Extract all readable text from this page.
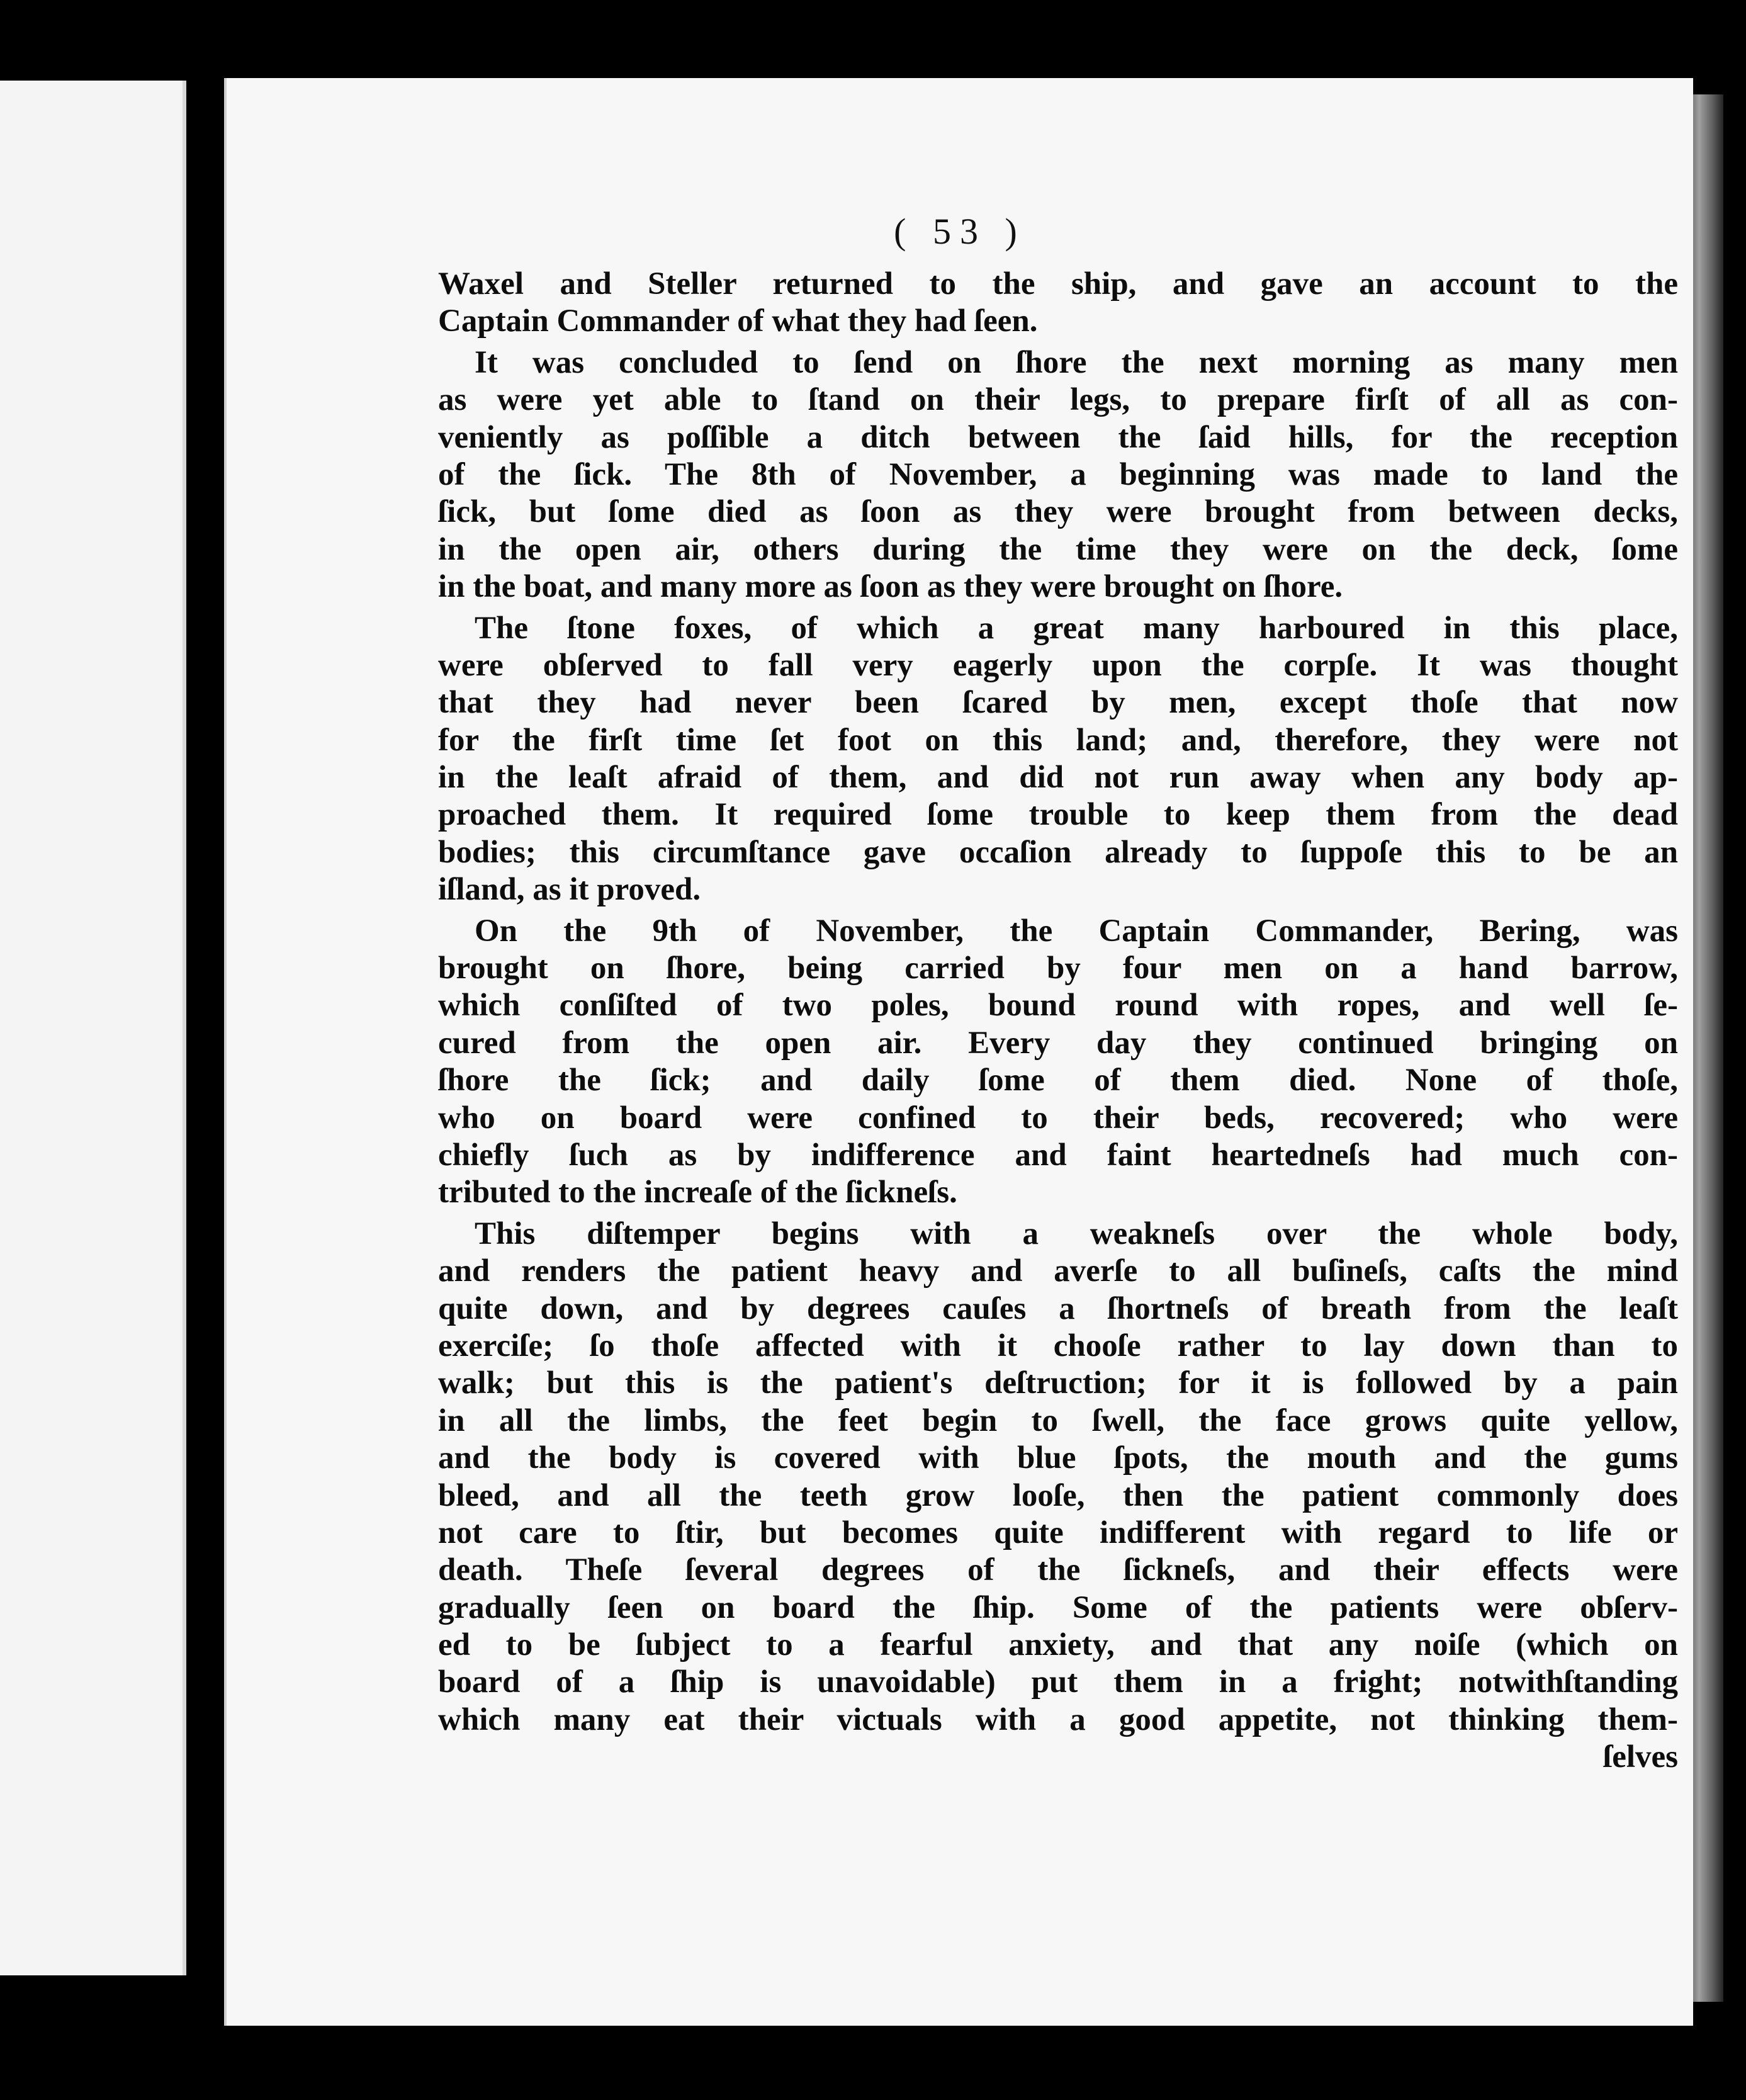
( 53 )
Waxel and Steller returned to the ship, and gave an account to the
Captain Commander of what they had ſeen.
It was concluded to ſend on ſhore the next morning as many men
as were yet able to ſtand on their legs, to prepare firſt of all as con-
veniently as poſſible a ditch between the ſaid hills, for the reception
of the ſick. The 8th of November, a beginning was made to land the
ſick, but ſome died as ſoon as they were brought from between decks,
in the open air, others during the time they were on the deck, ſome
in the boat, and many more as ſoon as they were brought on ſhore.
The ſtone foxes, of which a great many harboured in this place,
were obſerved to fall very eagerly upon the corpſe. It was thought
that they had never been ſcared by men, except thoſe that now
for the firſt time ſet foot on this land; and, therefore, they were not
in the leaſt afraid of them, and did not run away when any body ap-
proached them. It required ſome trouble to keep them from the dead
bodies; this circumſtance gave occaſion already to ſuppoſe this to be an
iſland, as it proved.
On the 9th of November, the Captain Commander, Bering, was
brought on ſhore, being carried by four men on a hand barrow,
which conſiſted of two poles, bound round with ropes, and well ſe-
cured from the open air. Every day they continued bringing on
ſhore the ſick; and daily ſome of them died. None of thoſe,
who on board were confined to their beds, recovered; who were
chiefly ſuch as by indifference and faint heartedneſs had much con-
tributed to the increaſe of the ſickneſs.
This diſtemper begins with a weakneſs over the whole body,
and renders the patient heavy and averſe to all buſineſs, caſts the mind
quite down, and by degrees cauſes a ſhortneſs of breath from the leaſt
exerciſe; ſo thoſe affected with it chooſe rather to lay down than to
walk; but this is the patient's deſtruction; for it is followed by a pain
in all the limbs, the feet begin to ſwell, the face grows quite yellow,
and the body is covered with blue ſpots, the mouth and the gums
bleed, and all the teeth grow looſe, then the patient commonly does
not care to ſtir, but becomes quite indifferent with regard to life or
death. Theſe ſeveral degrees of the ſickneſs, and their effects were
gradually ſeen on board the ſhip. Some of the patients were obſerv-
ed to be ſubject to a fearful anxiety, and that any noiſe (which on
board of a ſhip is unavoidable) put them in a fright; notwithſtanding
which many eat their victuals with a good appetite, not thinking them-
ſelves
